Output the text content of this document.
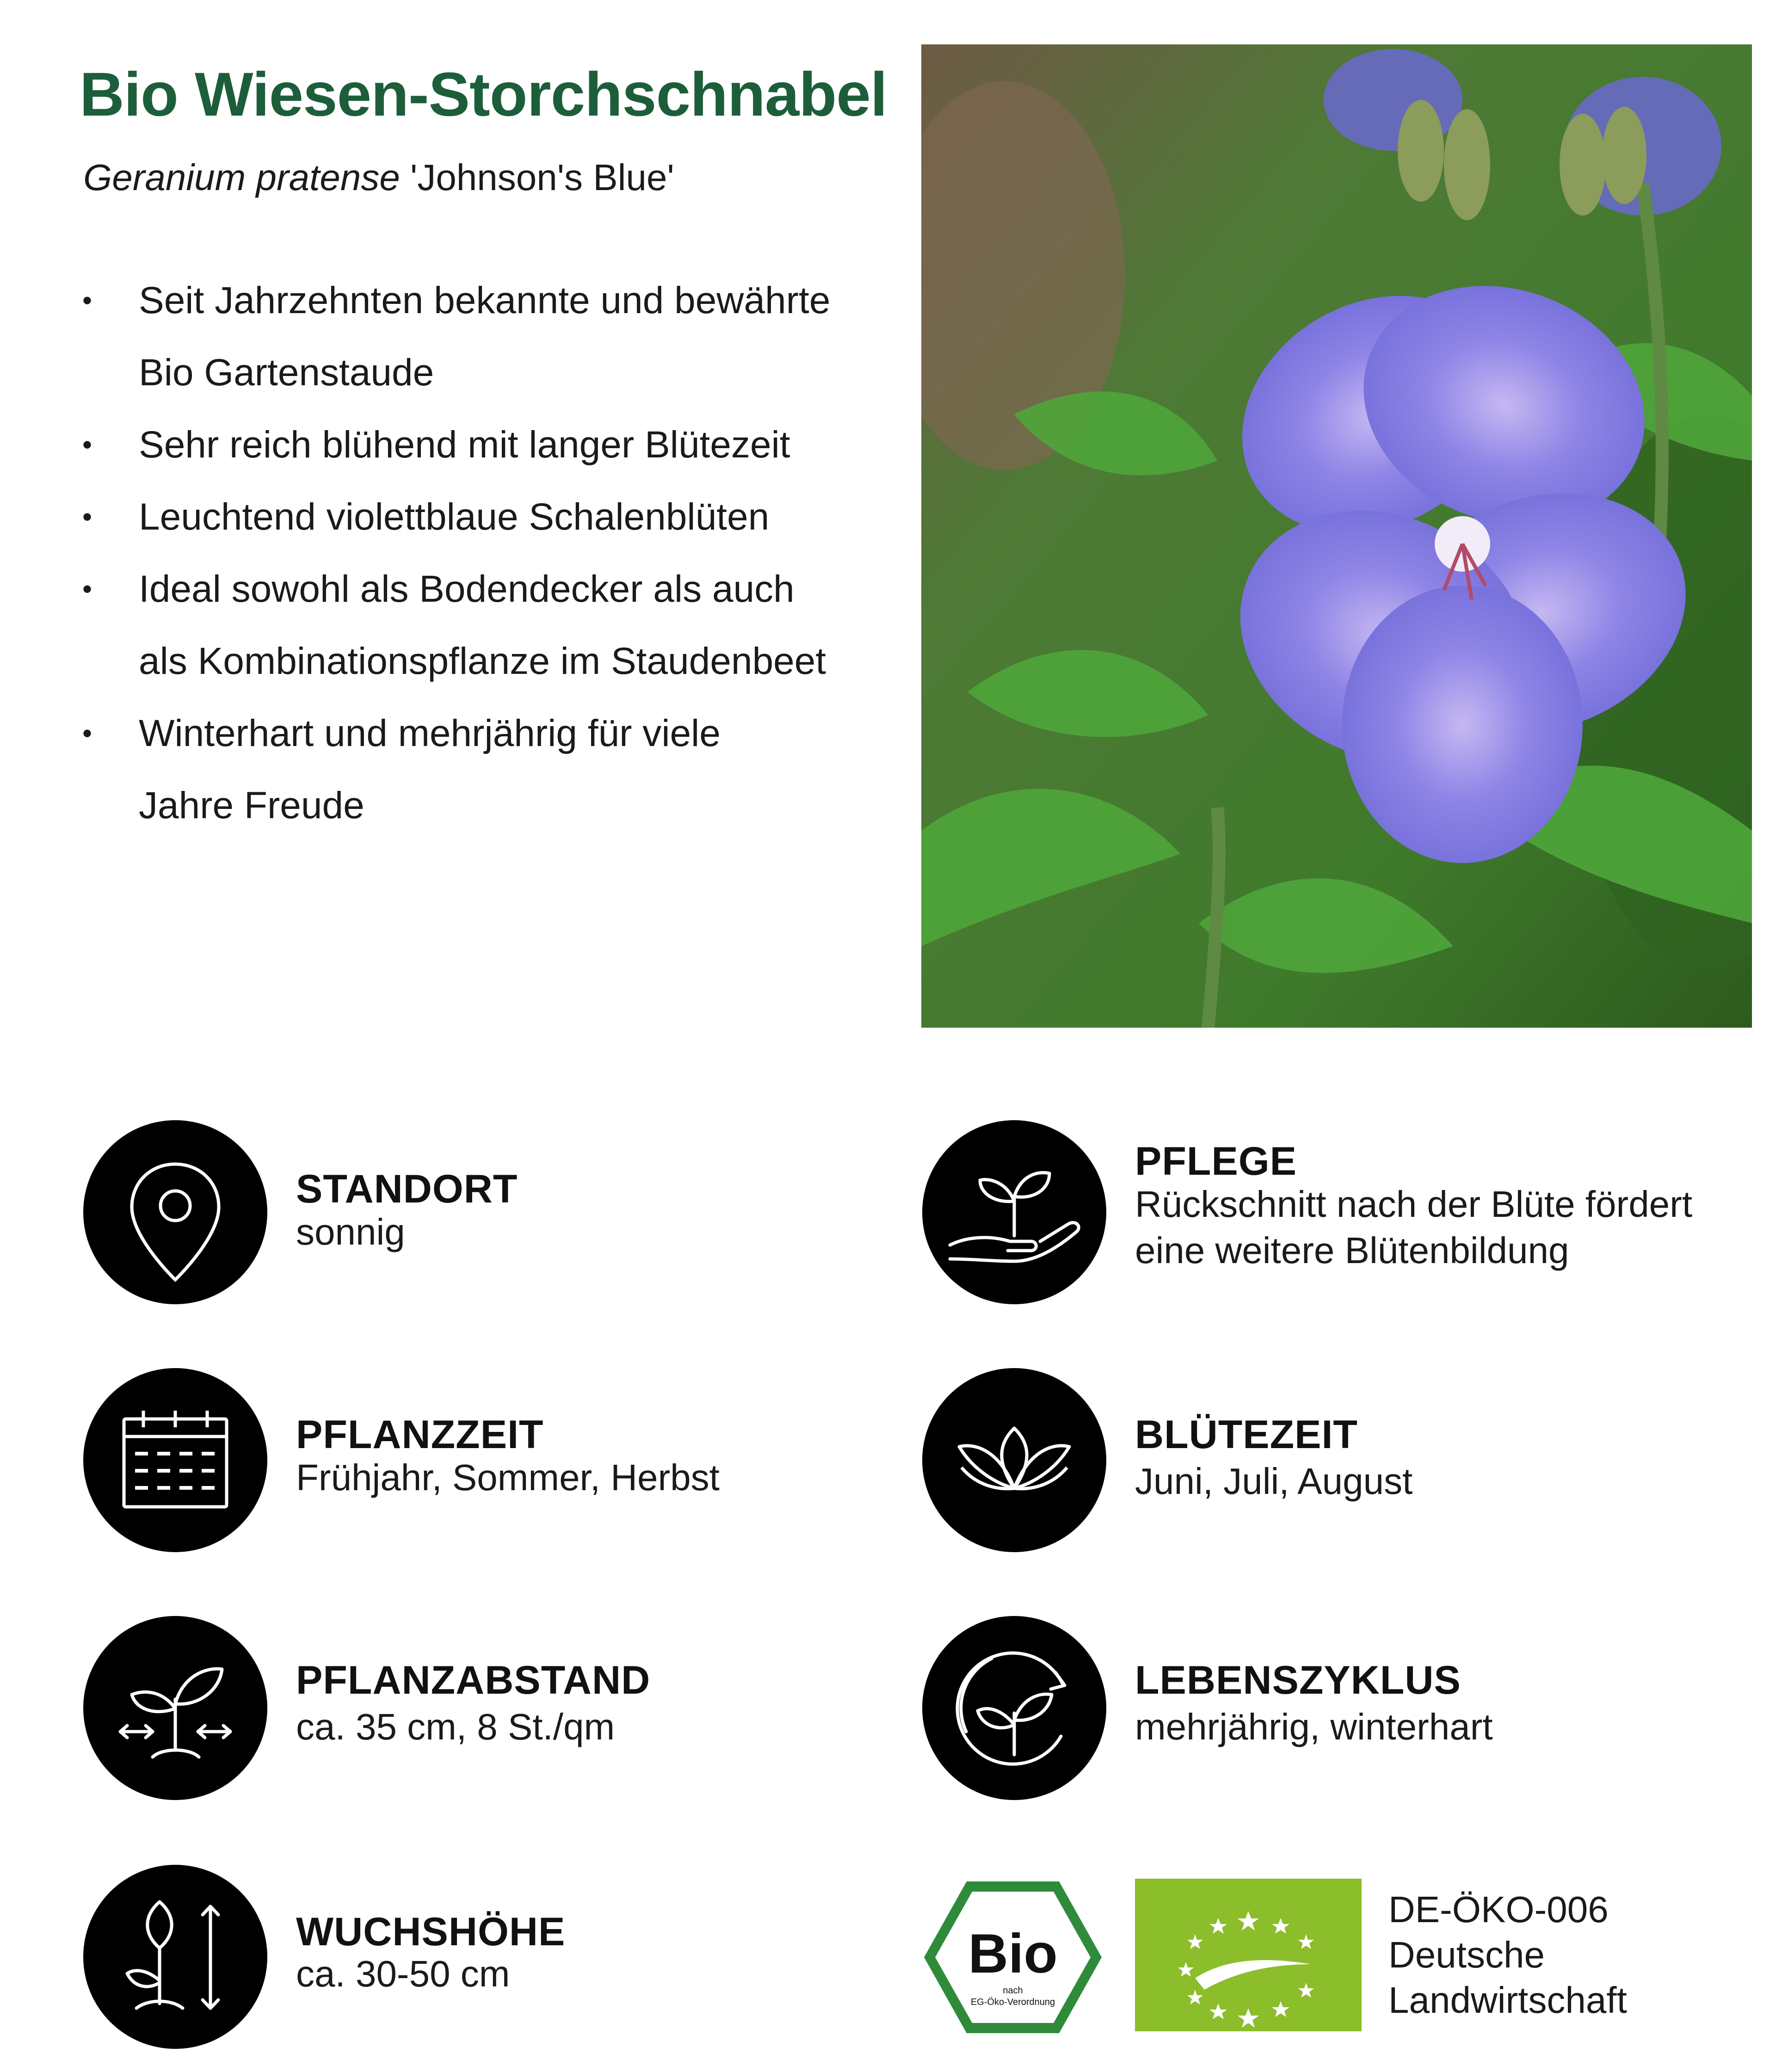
Bio Wiesen-Storchschnabel
Geranium pratense 'Johnson's Blue'
• Seit Jahrzehnten bekannte und bewährte Bio Gartenstaude
• Sehr reich blühend mit langer Blütezeit
• Leuchtend violettblaue Schalenblüten
• Ideal sowohl als Bodendecker als auch als Kombinationspflanze im Staudenbeet
• Winterhart und mehrjährig für viele Jahre Freude
STANDORT
sonnig
PFLEGE
Rückschnitt nach der Blüte fördert
eine weitere Blütenbildung
PFLANZZEIT
Frühjahr, Sommer, Herbst
BLÜTEZEIT
Juni, Juli, August
PFLANZABSTAND
ca. 35 cm, 8 St./qm
LEBENSZYKLUS
mehrjährig, winterhart
WUCHSHÖHE
ca. 30-50 cm	Bio
nach
EG-Öko-Verordnung
DE-ÖKO-006
Deutsche
Landwirtschaft
